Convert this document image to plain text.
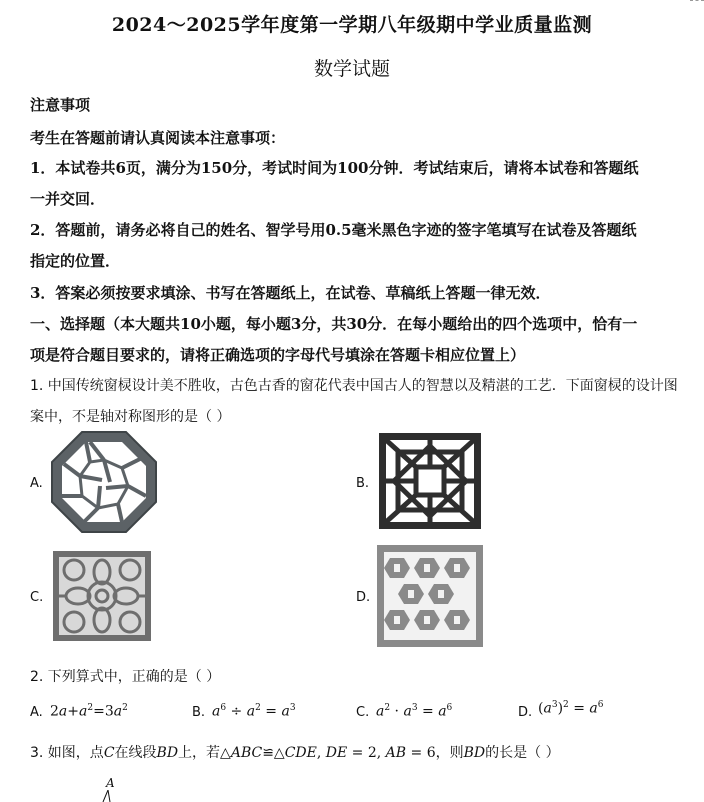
2024～2025学年度第一学期八年级期中学业质量监测
数学试题
注意事项
考生在答题前请认真阅读本注意事项：
1．本试卷共6页，满分为150分，考试时间为100分钟．考试结束后，请将本试卷和答题纸
一并交回．
2．答题前，请务必将自己的姓名、智学号用0.5毫米黑色字迹的签字笔填写在试卷及答题纸
指定的位置．
3．答案必须按要求填涂、书写在答题纸上，在试卷、草稿纸上答题一律无效．
一、选择题（本大题共10小题，每小题3分，共30分．在每小题给出的四个选项中，恰有一
项是符合题目要求的，请将正确选项的字母代号填涂在答题卡相应位置上）
1. 中国传统窗棂设计美不胜收，古色古香的窗花代表中国古人的智慧以及精湛的工艺．下面窗棂的设计图
案中，不是轴对称图形的是（ ）
A.	B.
C.	D.
2. 下列算式中，正确的是（ ）
A. $2a+a^2=3a^2$	B. $a^6 \div a^2 = a^3$	C. $a^2 \cdot a^3 = a^6$	D. $(a^3)^2 = a^6$
3. 如图，点C在线段BD上，若△ABC≌△CDE, DE = 2, AB = 6，则BD的长是（ ）
A
